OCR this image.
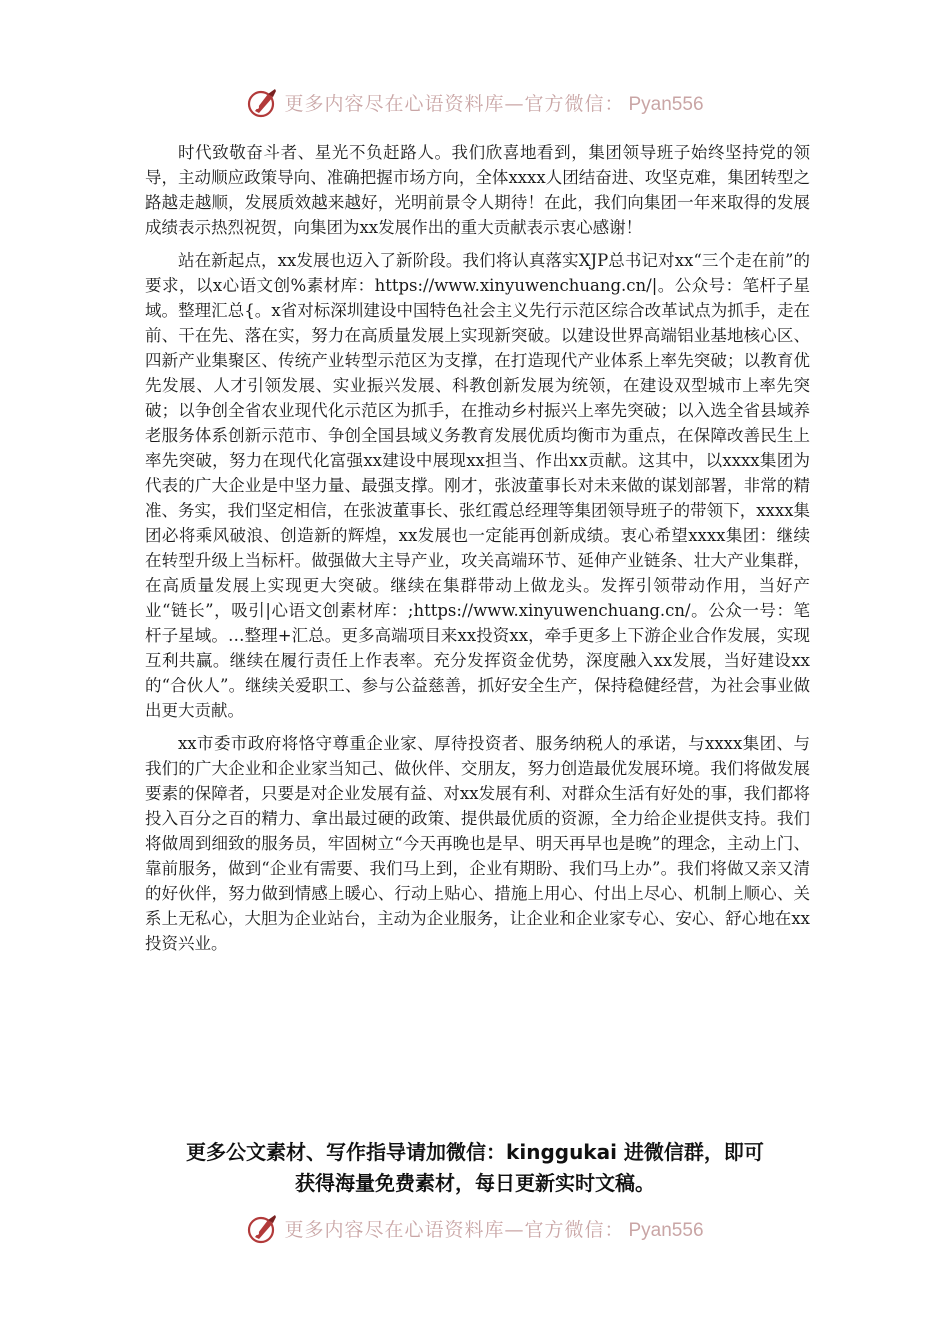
更多内容尽在心语资料库—官方微信： Pyan556

时代致敬奋斗者、星光不负赶路人。我们欣喜地看到，集团领导班子始终坚持党的领导，主动顺应政策导向、准确把握市场方向，全体xxxx人团结奋进、攻坚克难，集团转型之路越走越顺，发展质效越来越好，光明前景令人期待！在此，我们向集团一年来取得的发展成绩表示热烈祝贺，向集团为xx发展作出的重大贡献表示衷心感谢！

站在新起点，xx发展也迈入了新阶段。我们将认真落实XJP总书记对xx“三个走在前”的要求，以x心语文创%素材库：https://www.xinyuwenchuang.cn/|。公众号：笔杆子星域。整理汇总{。x省对标深圳建设中国特色社会主义先行示范区综合改革试点为抓手，走在前、干在先、落在实，努力在高质量发展上实现新突破。以建设世界高端铝业基地核心区、四新产业集聚区、传统产业转型示范区为支撑，在打造现代产业体系上率先突破；以教育优先发展、人才引领发展、实业振兴发展、科教创新发展为统领，在建设双型城市上率先突破；以争创全省农业现代化示范区为抓手，在推动乡村振兴上率先突破；以入选全省县域养老服务体系创新示范市、争创全国县域义务教育发展优质均衡市为重点，在保障改善民生上率先突破，努力在现代化富强xx建设中展现xx担当、作出xx贡献。这其中，以xxxx集团为代表的广大企业是中坚力量、最强支撑。刚才，张波董事长对未来做的谋划部署，非常的精准、务实，我们坚定相信，在张波董事长、张红霞总经理等集团领导班子的带领下，xxxx集团必将乘风破浪、创造新的辉煌，xx发展也一定能再创新成绩。衷心希望xxxx集团：继续在转型升级上当标杆。做强做大主导产业，攻关高端环节、延伸产业链条、壮大产业集群，在高质量发展上实现更大突破。继续在集群带动上做龙头。发挥引领带动作用，当好产业“链长”，吸引|心语文创素材库：;https://www.xinyuwenchuang.cn/。公众一号：笔杆子星域。…整理+汇总。更多高端项目来xx投资xx，牵手更多上下游企业合作发展，实现互利共赢。继续在履行责任上作表率。充分发挥资金优势，深度融入xx发展，当好建设xx的“合伙人”。继续关爱职工、参与公益慈善，抓好安全生产，保持稳健经营，为社会事业做出更大贡献。

xx市委市政府将恪守尊重企业家、厚待投资者、服务纳税人的承诺，与xxxx集团、与我们的广大企业和企业家当知己、做伙伴、交朋友，努力创造最优发展环境。我们将做发展要素的保障者，只要是对企业发展有益、对xx发展有利、对群众生活有好处的事，我们都将投入百分之百的精力、拿出最过硬的政策、提供最优质的资源，全力给企业提供支持。我们将做周到细致的服务员，牢固树立“今天再晚也是早、明天再早也是晚”的理念，主动上门、靠前服务，做到“企业有需要、我们马上到，企业有期盼、我们马上办”。我们将做又亲又清的好伙伴，努力做到情感上暖心、行动上贴心、措施上用心、付出上尽心、机制上顺心、关系上无私心，大胆为企业站台，主动为企业服务，让企业和企业家专心、安心、舒心地在xx投资兴业。

更多公文素材、写作指导请加微信：kinggukai 进微信群，即可
获得海量免费素材，每日更新实时文稿。
更多内容尽在心语资料库—官方微信： Pyan556
